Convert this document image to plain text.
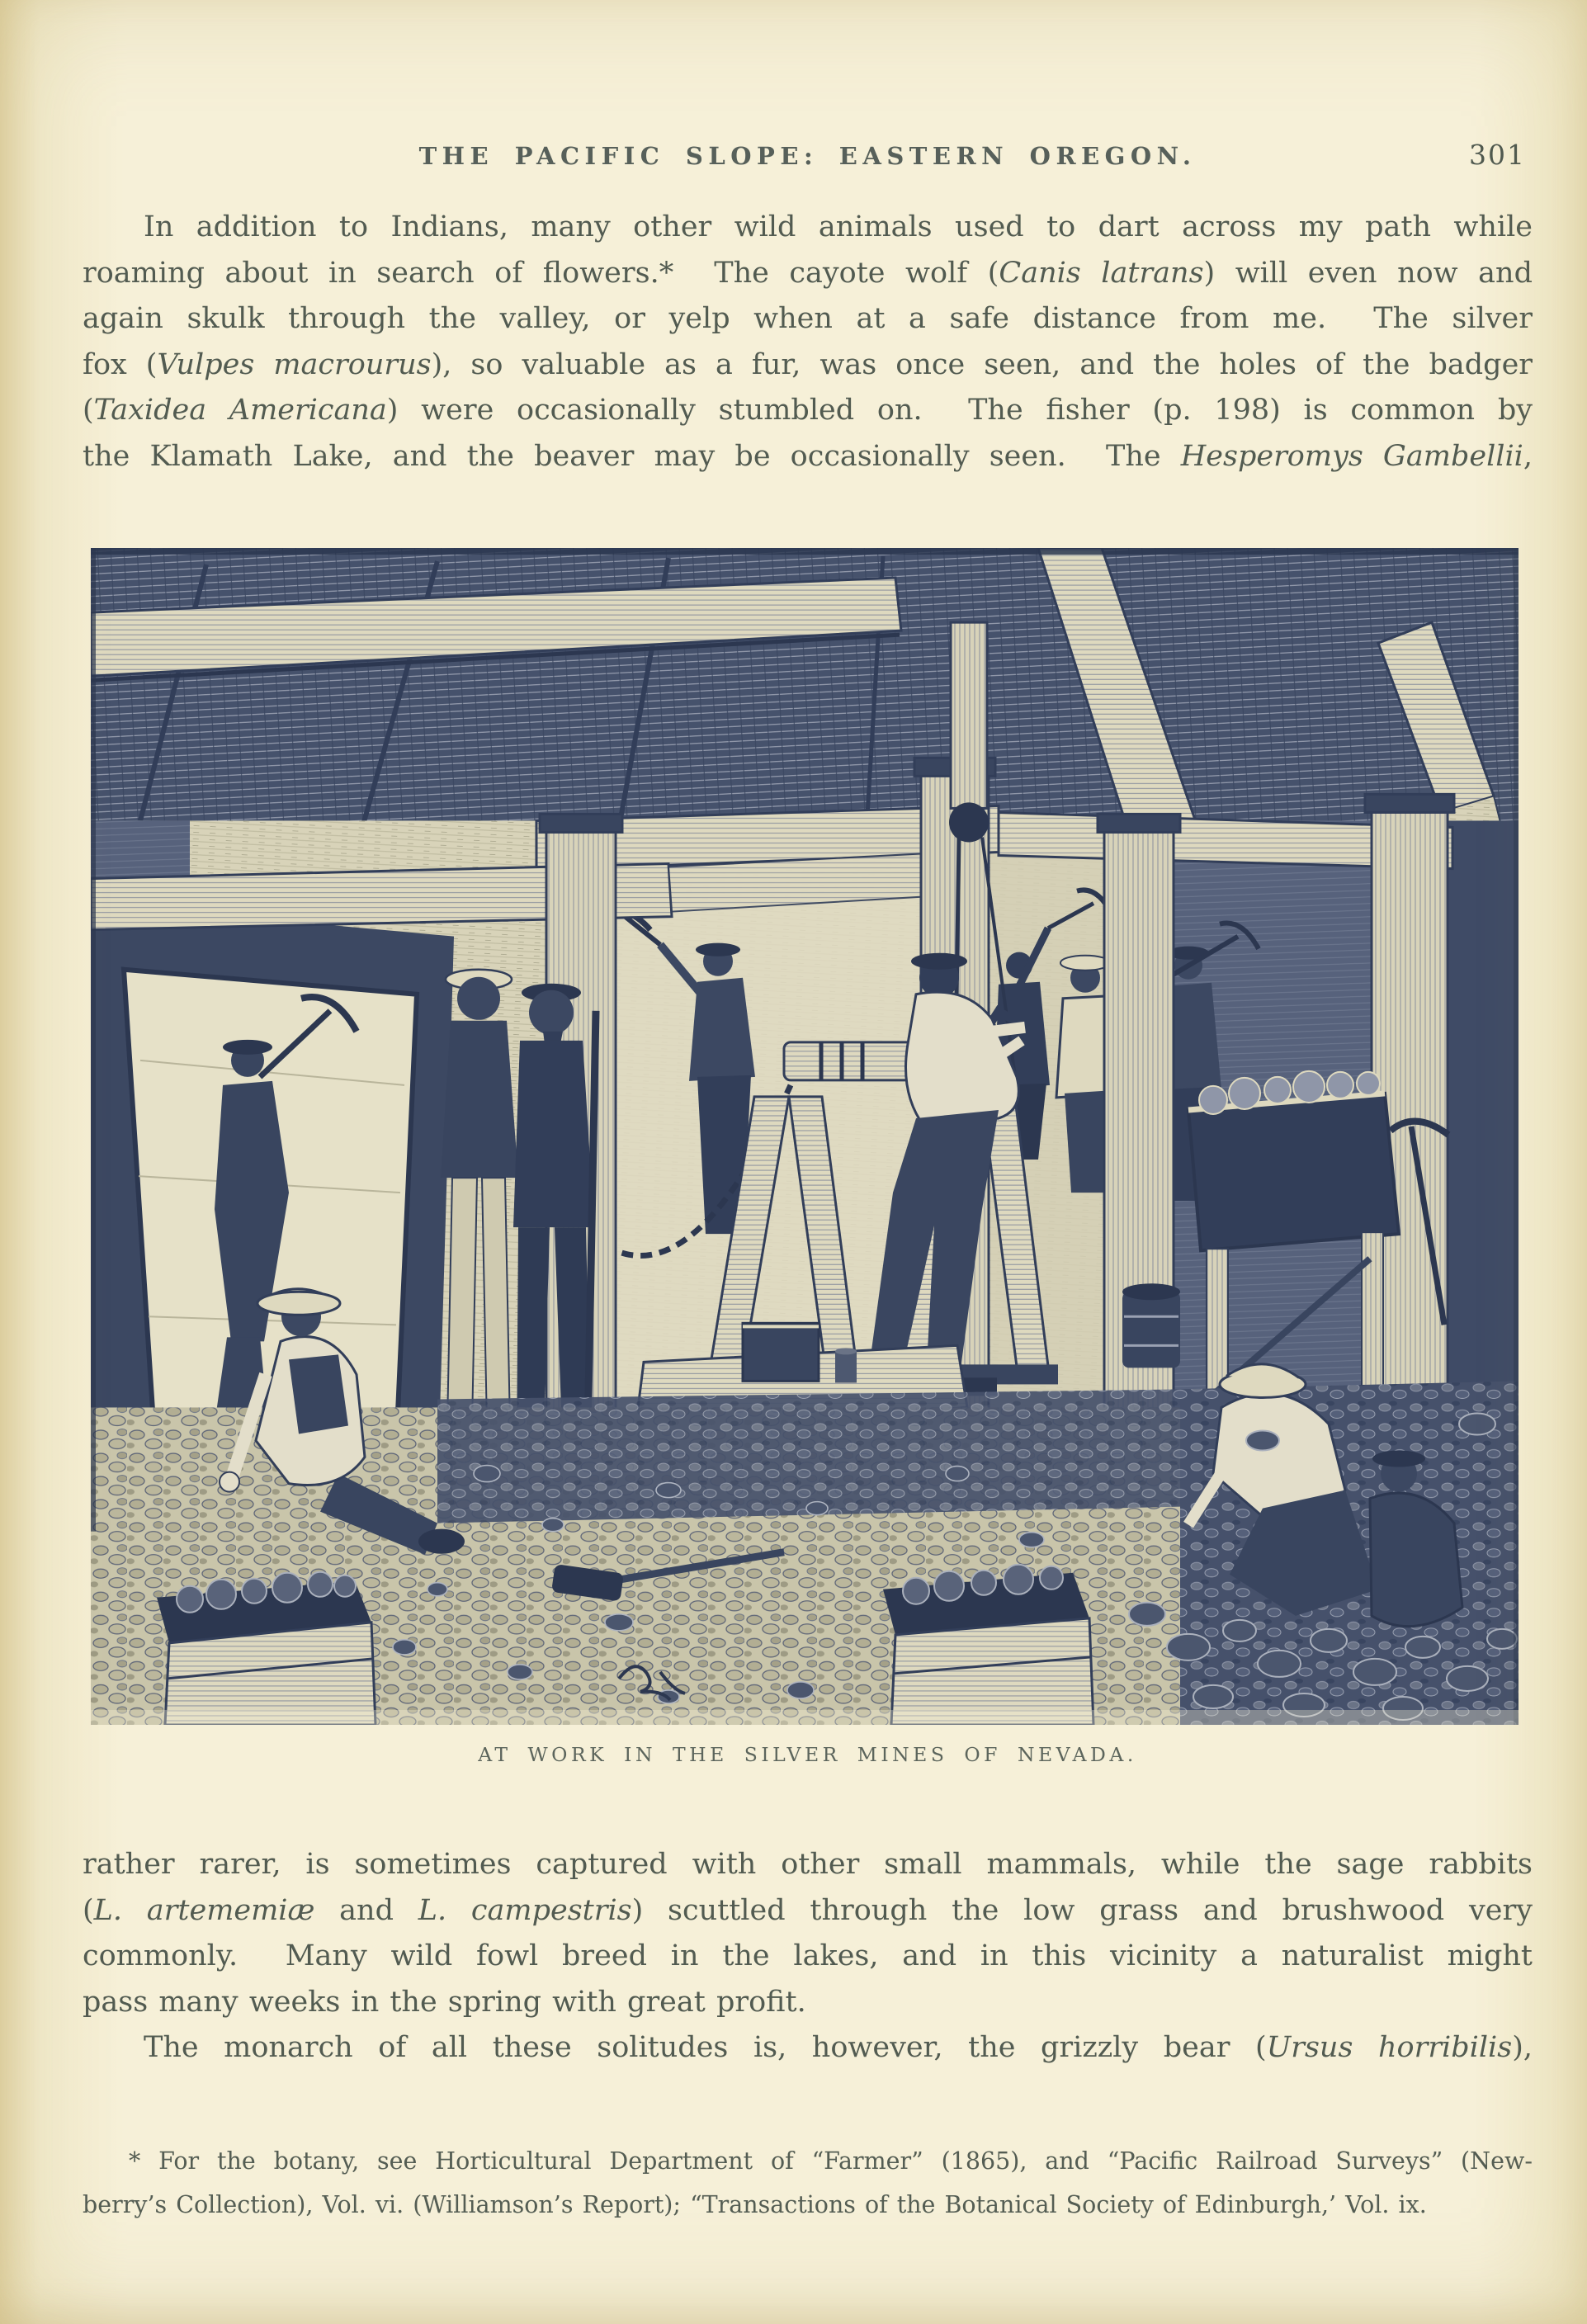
THE PACIFIC SLOPE: EASTERN OREGON.	301
In addition to Indians, many other wild animals used to dart across my path while
roaming about in search of flowers.*  The cayote wolf (Canis latrans) will even now and
again skulk through the valley, or yelp when at a safe distance from me.  The silver
fox (Vulpes macrourus), so valuable as a fur, was once seen, and the holes of the badger
(Taxidea Americana) were occasionally stumbled on.  The fisher (p. 198) is common by
the Klamath Lake, and the beaver may be occasionally seen.  The Hesperomys Gambellii,
AT WORK IN THE SILVER MINES OF NEVADA.
rather rarer, is sometimes captured with other small mammals, while the sage rabbits
(L. artememiæ and L. campestris) scuttled through the low grass and brushwood very
commonly.  Many wild fowl breed in the lakes, and in this vicinity a naturalist might
pass many weeks in the spring with great profit.
The monarch of all these solitudes is, however, the grizzly bear (Ursus horribilis),
* For the botany, see Horticultural Department of “Farmer” (1865), and “Pacific Railroad Surveys” (New-
berry’s Collection), Vol. vi. (Williamson’s Report); “Transactions of the Botanical Society of Edinburgh,’ Vol. ix.
